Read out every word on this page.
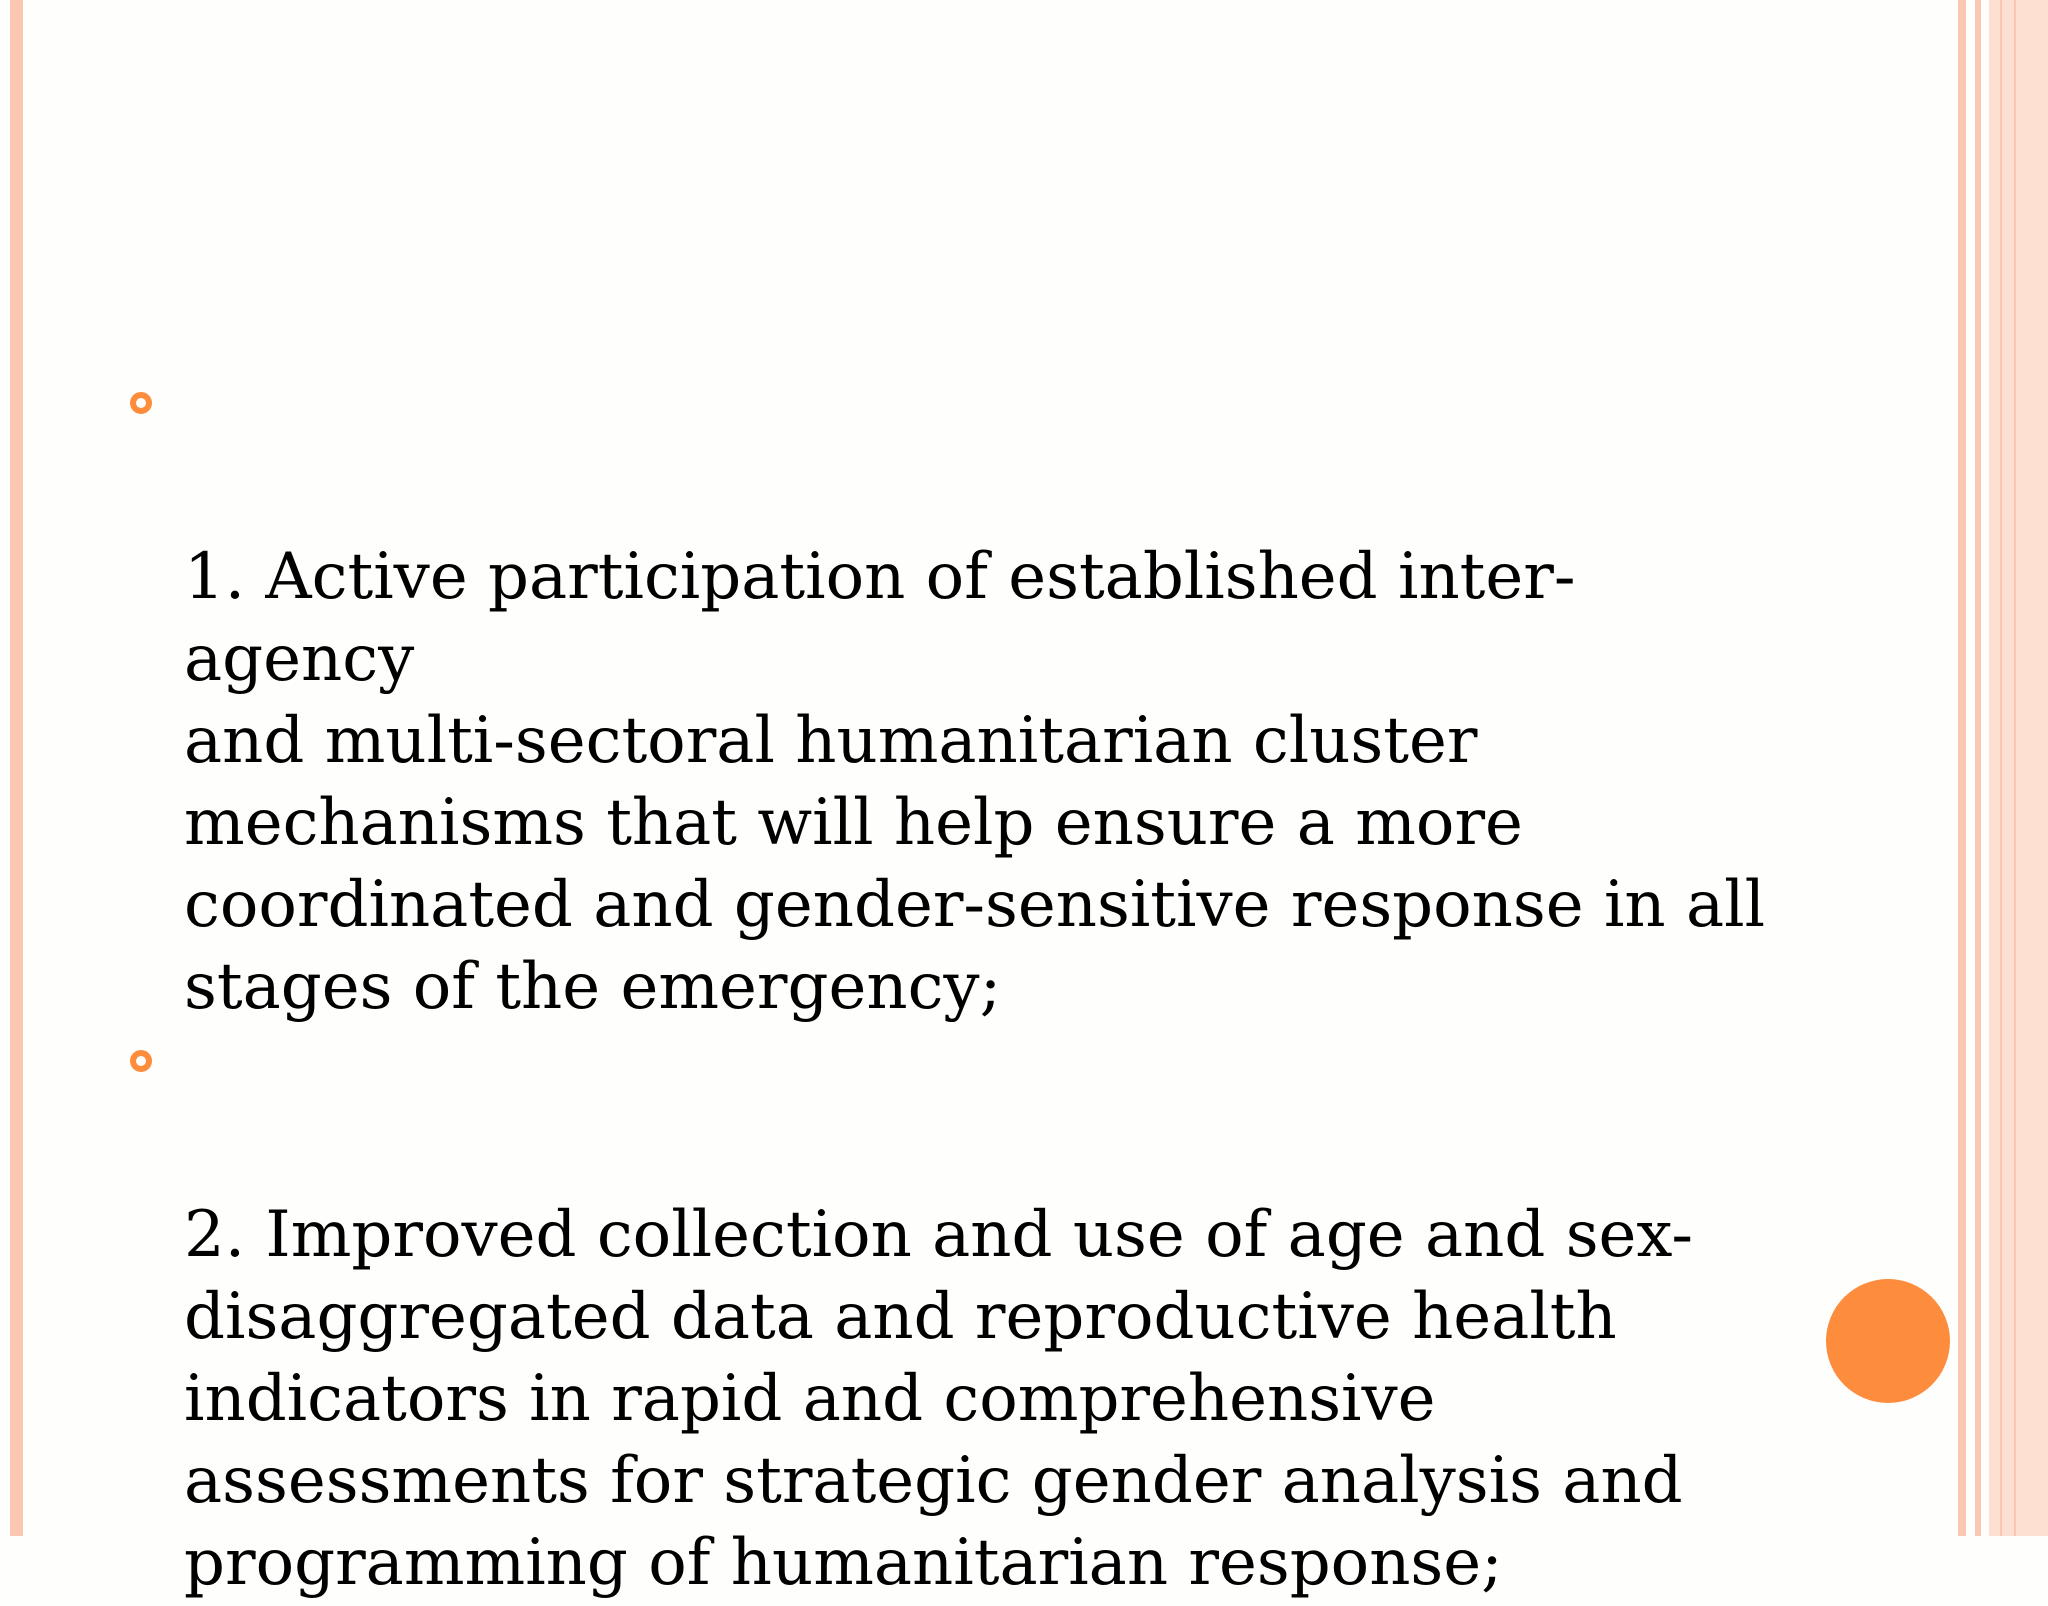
1. Active participation of established inter-agency
and multi-sectoral humanitarian cluster
mechanisms that will help ensure a more
coordinated and gender-sensitive response in all
stages of the emergency;

2. Improved collection and use of age and sex-
disaggregated data and reproductive health
indicators in rapid and comprehensive
assessments for strategic gender analysis and
programming of humanitarian response;
